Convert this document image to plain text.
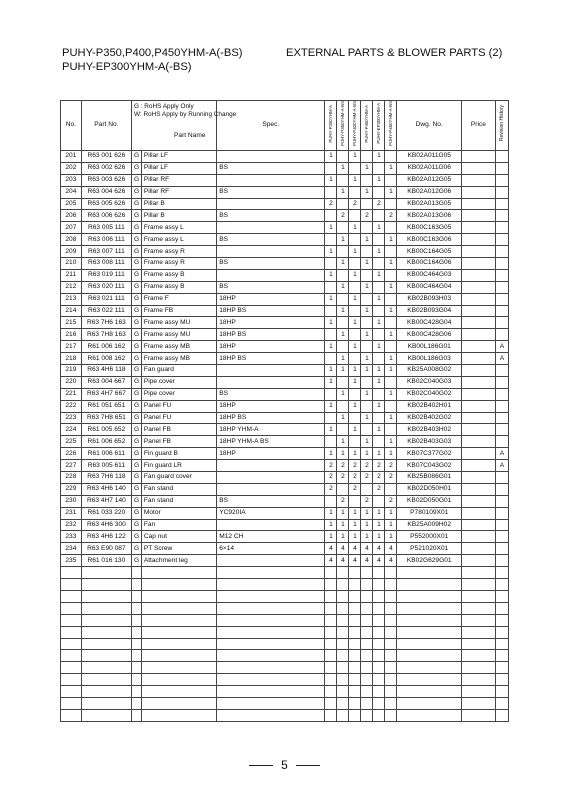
PUHY-P350,P400,P450YHM-A(-BS)
PUHY-EP300YHM-A(-BS)
EXTERNAL PARTS & BLOWER PARTS (2)
No.	Part No.	G : RoHS Apply Only
W: RoHS Apply by Running Change
Part Name		Spec.	PUHY-P350YHM-A	PUHY-P350YHM-A-BS	PUHY-P400YHM-A-BS	PUHY-P450YHM-A	PUHY-EP300YHM-A	PUHY-P450YHM-A-BS	Dwg. No.	Price	Revision History
201	R63 001 626	G	Pillar LF		1		1		1		KB02A011G05		
202	R63 002 626	G	Pillar LF	BS		1		1		1	KB02A011G06		
203	R63 003 626	G	Pillar RF		1		1		1		KB02A012G05		
204	R63 004 626	G	Pillar RF	BS		1		1		1	KB02A012G06		
205	R63 005 626	G	Pillar B		2		2		2		KB02A013G05		
206	R63 006 626	G	Pillar B	BS		2		2		2	KB02A013G06		
207	R63 005 111	G	Frame assy L		1		1		1		KB00C163G05		
208	R63 006 111	G	Frame assy L	BS		1		1		1	KB00C163G06		
209	R63 007 111	G	Frame assy R		1		1		1		KB00C164G05		
210	R63 008 111	G	Frame assy R	BS		1		1		1	KB00C164G06		
211	R63 019 111	G	Frame assy B		1		1		1		KB00C464G03		
212	R63 020 111	G	Frame assy B	BS		1		1		1	KB00C464G04		
213	R63 021 111	G	Frame F	18HP	1		1		1		KB02B093H03		
214	R63 022 111	G	Frame FB	18HP BS		1		1		1	KB02B093G04		
215	R63 7H6 163	G	Frame assy MU	18HP	1		1		1		KB00C428G04		
216	R63 7H8 163	G	Frame assy MU	18HP BS		1		1		1	KB00C428G06		
217	R61 006 162	G	Frame assy MB	18HP	1		1		1		KB00L186G01		A
218	R61 008 162	G	Frame assy MB	18HP BS		1		1		1	KB00L186G03		A
219	R63 4H6 118	G	Fan guard		1	1	1	1	1	1	KB25A008G02		
220	R63 004 667	G	Pipe cover		1		1		1		KB02C040G03		
221	R63 4H7 667	G	Pipe cover	BS		1		1		1	KB02C040G02		
222	R61 051 651	G	Panel FU	18HP	1		1		1		KB02B402H01		
223	R63 7H8 651	G	Panel FU	18HP BS		1		1		1	KB02B402G02		
224	R61 005 652	G	Panel FB	18HP YHM-A	1		1		1		KB02B403H02		
225	R61 006 652	G	Panel FB	18HP YHM-A BS		1		1		1	KB02B403G03		
226	R61 006 611	G	Fin guard B	18HP	1	1	1	1	1	1	KB07C377G02		A
227	R63 005 611	G	Fin guard LR		2	2	2	2	2	2	KB07C043G02		A
228	R63 7H6 118	G	Fan guard cover		2	2	2	2	2	2	KB25B086G01		
229	R63 4H6 140	G	Fan stand		2		2		2		KB02D050H01		
230	R63 4H7 140	G	Fan stand	BS		2		2		2	KB02D050G01		
231	R61 033 220	G	Motor	YC920IA	1	1	1	1	1	1	P780109X01		
232	R63 4H6 300	G	Fan		1	1	1	1	1	1	KB25A009H02		
233	R63 4H6 122	G	Cap nut	M12 CH	1	1	1	1	1	1	P552000X01		
234	R63 E90 087	G	PT Screw	6×14	4	4	4	4	4	4	P521020X01		
235	R61 016 130	G	Attachment leg		4	4	4	4	4	4	KB02G629G01		

5
